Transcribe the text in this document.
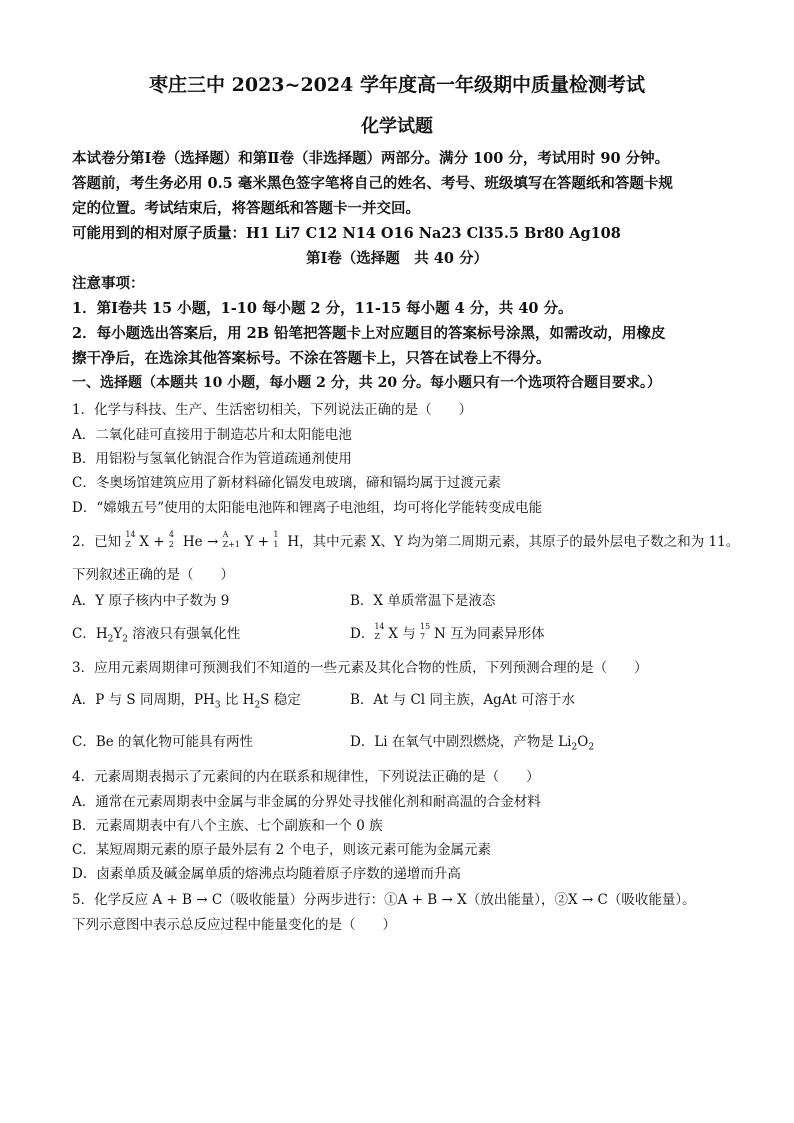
枣庄三中 2023~2024 学年度高一年级期中质量检测考试
化学试题
本试卷分第Ⅰ卷（选择题）和第Ⅱ卷（非选择题）两部分。满分 100 分，考试用时 90 分钟。
答题前，考生务必用 0.5 毫米黑色签字笔将自己的姓名、考号、班级填写在答题纸和答题卡规
定的位置。考试结束后，将答题纸和答题卡一并交回。
可能用到的相对原子质量：H1 Li7 C12 N14 O16 Na23 Cl35.5 Br80 Ag108
第Ⅰ卷（选择题　共 40 分）
注意事项：
1．第Ⅰ卷共 15 小题，1-10 每小题 2 分，11-15 每小题 4 分，共 40 分。
2．每小题选出答案后，用 2B 铅笔把答题卡上对应题目的答案标号涂黑，如需改动，用橡皮
擦干净后，在选涂其他答案标号。不涂在答题卡上，只答在试卷上不得分。
一、选择题（本题共 10 小题，每小题 2 分，共 20 分。每小题只有一个选项符合题目要求。）
1．化学与科技、生产、生活密切相关，下列说法正确的是（　　）
A．二氧化硅可直接用于制造芯片和太阳能电池
B．用铝粉与氢氧化钠混合作为管道疏通剂使用
C．冬奥场馆建筑应用了新材料碲化镉发电玻璃，碲和镉均属于过渡元素
D．“嫦娥五号”使用的太阳能电池阵和锂离子电池组，均可将化学能转变成电能
2．已知 14
Z X + 4
2 He → A
Z+1 Y + 1
1 H，其中元素 X、Y 均为第二周期元素，其原子的最外层电子数之和为 11。
下列叙述正确的是（　　）
A．Y 原子核内中子数为 9	B．X 单质常温下是液态
C．$H_2Y_2$ 溶液只有强氧化性	D． 14
Z X 与 15
7 N 互为同素异形体
3．应用元素周期律可预测我们不知道的一些元素及其化合物的性质，下列预测合理的是（　　）
A．P 与 S 同周期，$PH_3$ 比 $H_2S$ 稳定	B．At 与 Cl 同主族，AgAt 可溶于水
C．Be 的氧化物可能具有两性	D．Li 在氧气中剧烈燃烧，产物是 $Li_2O_2$
4．元素周期表揭示了元素间的内在联系和规律性，下列说法正确的是（　　）
A．通常在元素周期表中金属与非金属的分界处寻找催化剂和耐高温的合金材料
B．元素周期表中有八个主族、七个副族和一个 0 族
C．某短周期元素的原子最外层有 2 个电子，则该元素可能为金属元素
D．卤素单质及碱金属单质的熔沸点均随着原子序数的递增而升高
5．化学反应 A + B → C（吸收能量）分两步进行：①A + B → X（放出能量），②X → C（吸收能量）。
下列示意图中表示总反应过程中能量变化的是（　　）
